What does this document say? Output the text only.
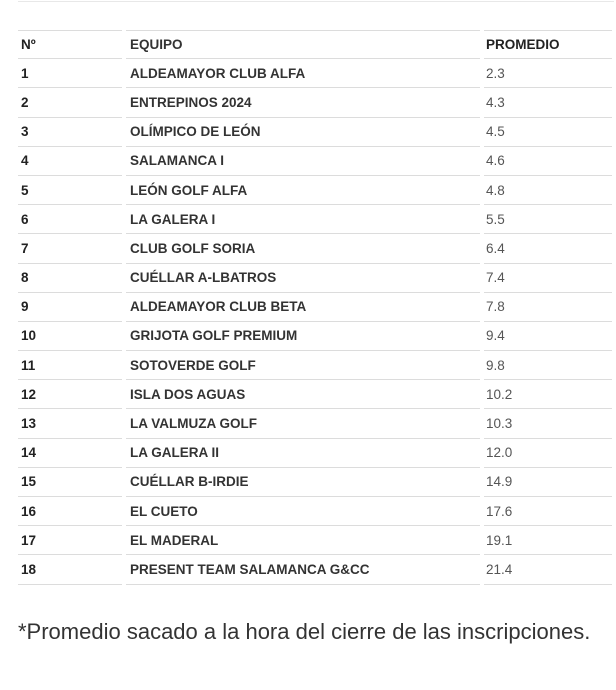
Nº	EQUIPO	PROMEDIO
1	ALDEAMAYOR CLUB ALFA	2.3
2	ENTREPINOS 2024	4.3
3	OLÍMPICO DE LEÓN	4.5
4	SALAMANCA I	4.6
5	LEÓN GOLF ALFA	4.8
6	LA GALERA I	5.5
7	CLUB GOLF SORIA	6.4
8	CUÉLLAR A-LBATROS	7.4
9	ALDEAMAYOR CLUB BETA	7.8
10	GRIJOTA GOLF PREMIUM	9.4
11	SOTOVERDE GOLF	9.8
12	ISLA DOS AGUAS	10.2
13	LA VALMUZA GOLF	10.3
14	LA GALERA II	12.0
15	CUÉLLAR B-IRDIE	14.9
16	EL CUETO	17.6
17	EL MADERAL	19.1
18	PRESENT TEAM SALAMANCA G&CC	21.4
*Promedio sacado a la hora del cierre de las inscripciones.
